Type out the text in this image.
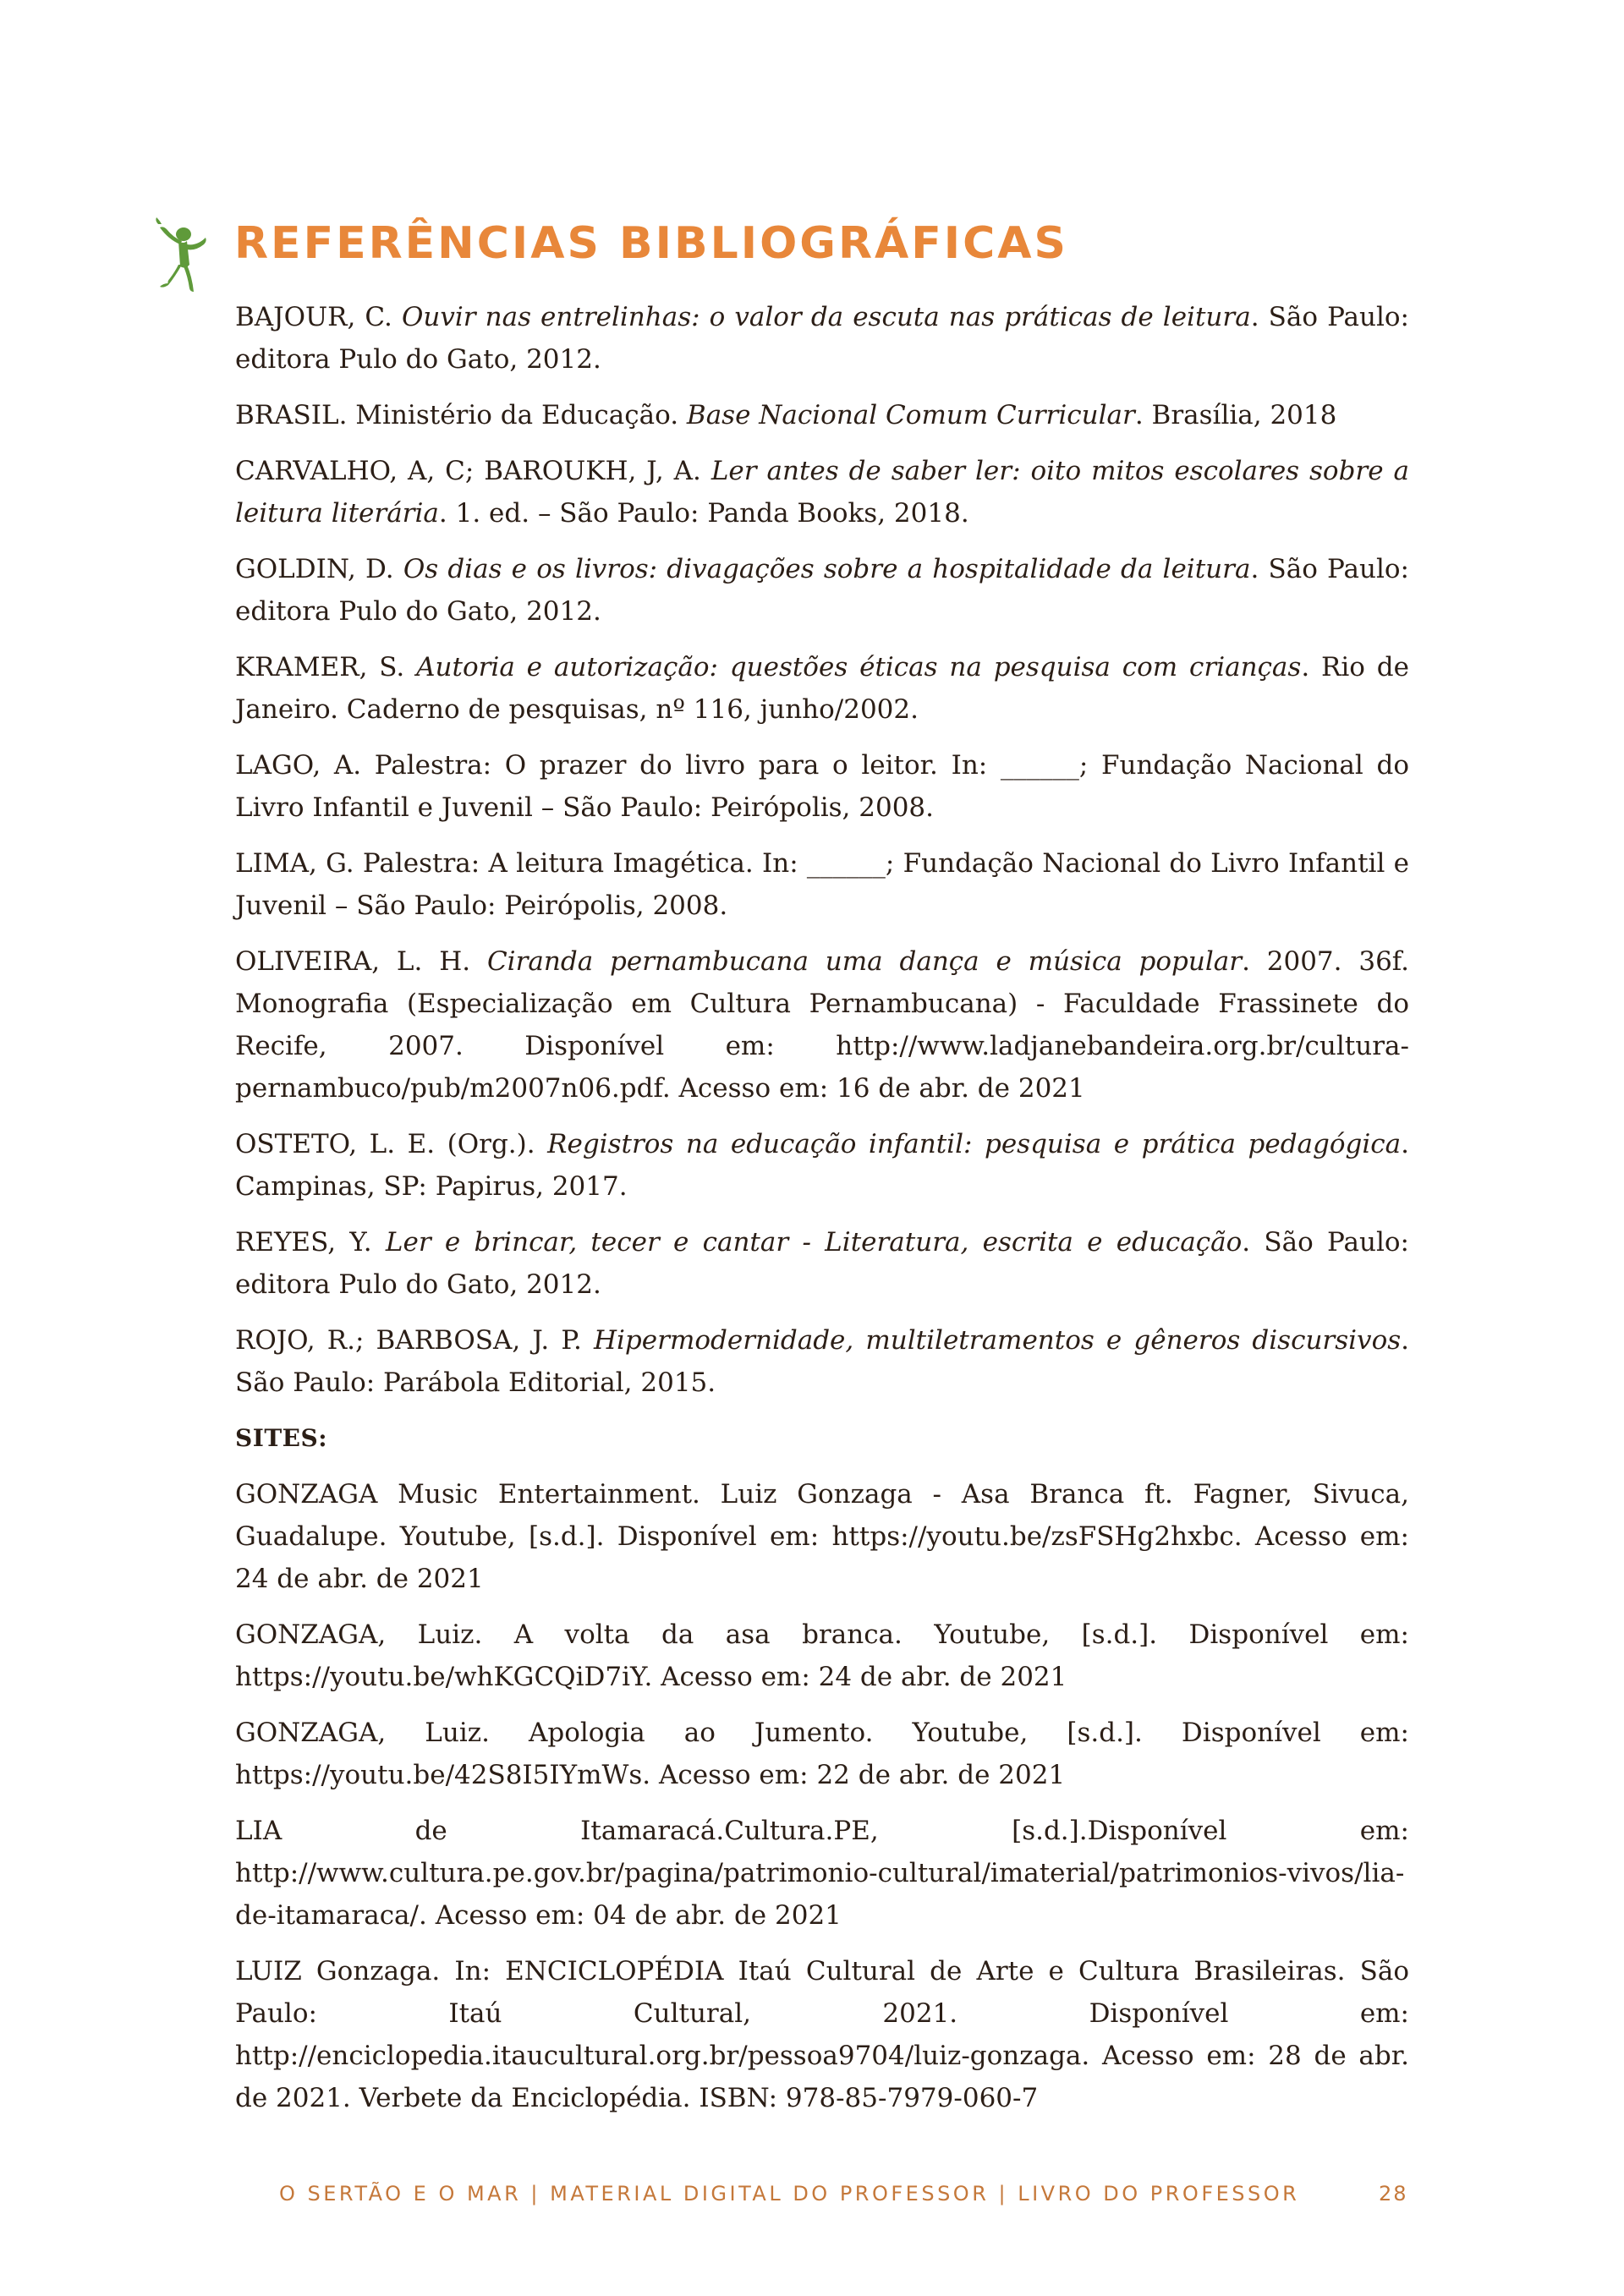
REFERÊNCIAS BIBLIOGRÁFICAS

BAJOUR, C. Ouvir nas entrelinhas: o valor da escuta nas práticas de leitura. São Paulo: editora Pulo do Gato, 2012.

BRASIL. Ministério da Educação. Base Nacional Comum Curricular. Brasília, 2018

CARVALHO, A, C; BAROUKH, J, A. Ler antes de saber ler: oito mitos escolares sobre a leitura literária. 1. ed. – São Paulo: Panda Books, 2018.

GOLDIN, D. Os dias e os livros: divagações sobre a hospitalidade da leitura. São Paulo: editora Pulo do Gato, 2012.

KRAMER, S. Autoria e autorização: questões éticas na pesquisa com crianças. Rio de Janeiro. Caderno de pesquisas, nº 116, junho/2002.

LAGO, A. Palestra: O prazer do livro para o leitor. In: ______; Fundação Nacional do Livro Infantil e Juvenil – São Paulo: Peirópolis, 2008.

LIMA, G. Palestra: A leitura Imagética. In: ______; Fundação Nacional do Livro Infantil e Juvenil – São Paulo: Peirópolis, 2008.

OLIVEIRA, L. H. Ciranda pernambucana uma dança e música popular. 2007. 36f. Monografia (Especialização em Cultura Pernambucana) - Faculdade Frassinete do Recife, 2007. Disponível em: http://www.ladjanebandeira.org.br/cultura-pernambuco/pub/m2007n06.pdf. Acesso em: 16 de abr. de 2021

OSTETO, L. E. (Org.). Registros na educação infantil: pesquisa e prática pedagógica. Campinas, SP: Papirus, 2017.

REYES, Y. Ler e brincar, tecer e cantar - Literatura, escrita e educação. São Paulo: editora Pulo do Gato, 2012.

ROJO, R.; BARBOSA, J. P. Hipermodernidade, multiletramentos e gêneros discursivos. São Paulo: Parábola Editorial, 2015.

SITES:

GONZAGA Music Entertainment. Luiz Gonzaga - Asa Branca ft. Fagner, Sivuca, Guadalupe. Youtube, [s.d.]. Disponível em: https://youtu.be/zsFSHg2hxbc. Acesso em: 24 de abr. de 2021

GONZAGA, Luiz. A volta da asa branca. Youtube, [s.d.]. Disponível em: https://youtu.be/whKGCQiD7iY. Acesso em: 24 de abr. de 2021

GONZAGA, Luiz. Apologia ao Jumento. Youtube, [s.d.]. Disponível em: https://youtu.be/42S8I5IYmWs. Acesso em: 22 de abr. de 2021

LIA de Itamaracá.Cultura.PE, [s.d.].Disponível em: http://www.cultura.pe.gov.br/pagina/patrimonio-cultural/imaterial/patrimonios-vivos/lia-de-itamaraca/. Acesso em: 04 de abr. de 2021

LUIZ Gonzaga. In: ENCICLOPÉDIA Itaú Cultural de Arte e Cultura Brasileiras. São Paulo: Itaú Cultural, 2021. Disponível em: http://enciclopedia.itaucultural.org.br/pessoa9704/luiz-gonzaga. Acesso em: 28 de abr. de 2021. Verbete da Enciclopédia. ISBN: 978-85-7979-060-7

O SERTÃO E O MAR | MATERIAL DIGITAL DO PROFESSOR | LIVRO DO PROFESSOR	28
